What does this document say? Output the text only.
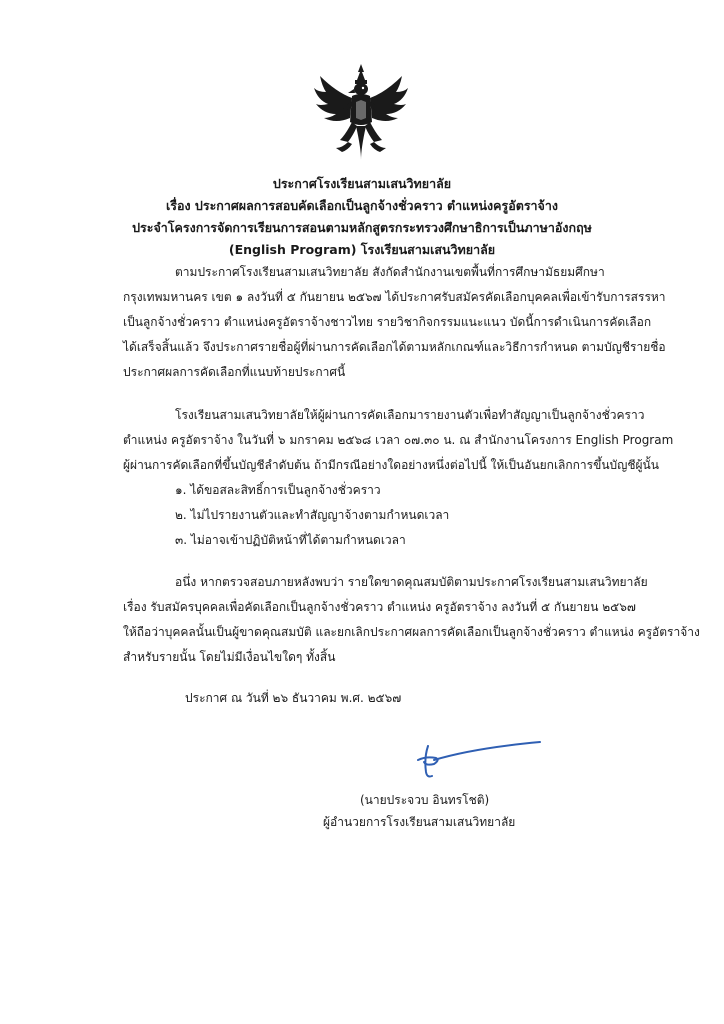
ประกาศโรงเรียนสามเสนวิทยาลัย
เรื่อง ประกาศผลการสอบคัดเลือกเป็นลูกจ้างชั่วคราว ตำแหน่งครูอัตราจ้าง
ประจำโครงการจัดการเรียนการสอนตามหลักสูตรกระทรวงศึกษาธิการเป็นภาษาอังกฤษ
(English Program) โรงเรียนสามเสนวิทยาลัย
ตามประกาศโรงเรียนสามเสนวิทยาลัย สังกัดสำนักงานเขตพื้นที่การศึกษามัธยมศึกษา
กรุงเทพมหานคร เขต ๑ ลงวันที่ ๕ กันยายน ๒๕๖๗ ได้ประกาศรับสมัครคัดเลือกบุคคลเพื่อเข้ารับการสรรหา
เป็นลูกจ้างชั่วคราว ตำแหน่งครูอัตราจ้างชาวไทย รายวิชากิจกรรมแนะแนว บัดนี้การดำเนินการคัดเลือก
ได้เสร็จสิ้นแล้ว จึงประกาศรายชื่อผู้ที่ผ่านการคัดเลือกได้ตามหลักเกณฑ์และวิธีการกำหนด ตามบัญชีรายชื่อ
ประกาศผลการคัดเลือกที่แนบท้ายประกาศนี้
โรงเรียนสามเสนวิทยาลัยให้ผู้ผ่านการคัดเลือกมารายงานตัวเพื่อทำสัญญาเป็นลูกจ้างชั่วคราว
ตำแหน่ง ครูอัตราจ้าง ในวันที่ ๖ มกราคม ๒๕๖๘ เวลา ๐๗.๓๐ น. ณ สำนักงานโครงการ English Program
ผู้ผ่านการคัดเลือกที่ขึ้นบัญชีลำดับต้น ถ้ามีกรณีอย่างใดอย่างหนึ่งต่อไปนี้ ให้เป็นอันยกเลิกการขึ้นบัญชีผู้นั้น
๑. ได้ขอสละสิทธิ์การเป็นลูกจ้างชั่วคราว
๒. ไม่ไปรายงานตัวและทำสัญญาจ้างตามกำหนดเวลา
๓. ไม่อาจเข้าปฏิบัติหน้าที่ได้ตามกำหนดเวลา
อนึ่ง หากตรวจสอบภายหลังพบว่า รายใดขาดคุณสมบัติตามประกาศโรงเรียนสามเสนวิทยาลัย
เรื่อง รับสมัครบุคคลเพื่อคัดเลือกเป็นลูกจ้างชั่วคราว ตำแหน่ง ครูอัตราจ้าง ลงวันที่ ๕ กันยายน ๒๕๖๗
ให้ถือว่าบุคคลนั้นเป็นผู้ขาดคุณสมบัติ และยกเลิกประกาศผลการคัดเลือกเป็นลูกจ้างชั่วคราว ตำแหน่ง ครูอัตราจ้าง
สำหรับรายนั้น โดยไม่มีเงื่อนไขใดๆ ทั้งสิ้น
ประกาศ ณ วันที่ ๒๖ ธันวาคม พ.ศ. ๒๕๖๗
(นายประจวบ อินทรโชติ)
ผู้อำนวยการโรงเรียนสามเสนวิทยาลัย
